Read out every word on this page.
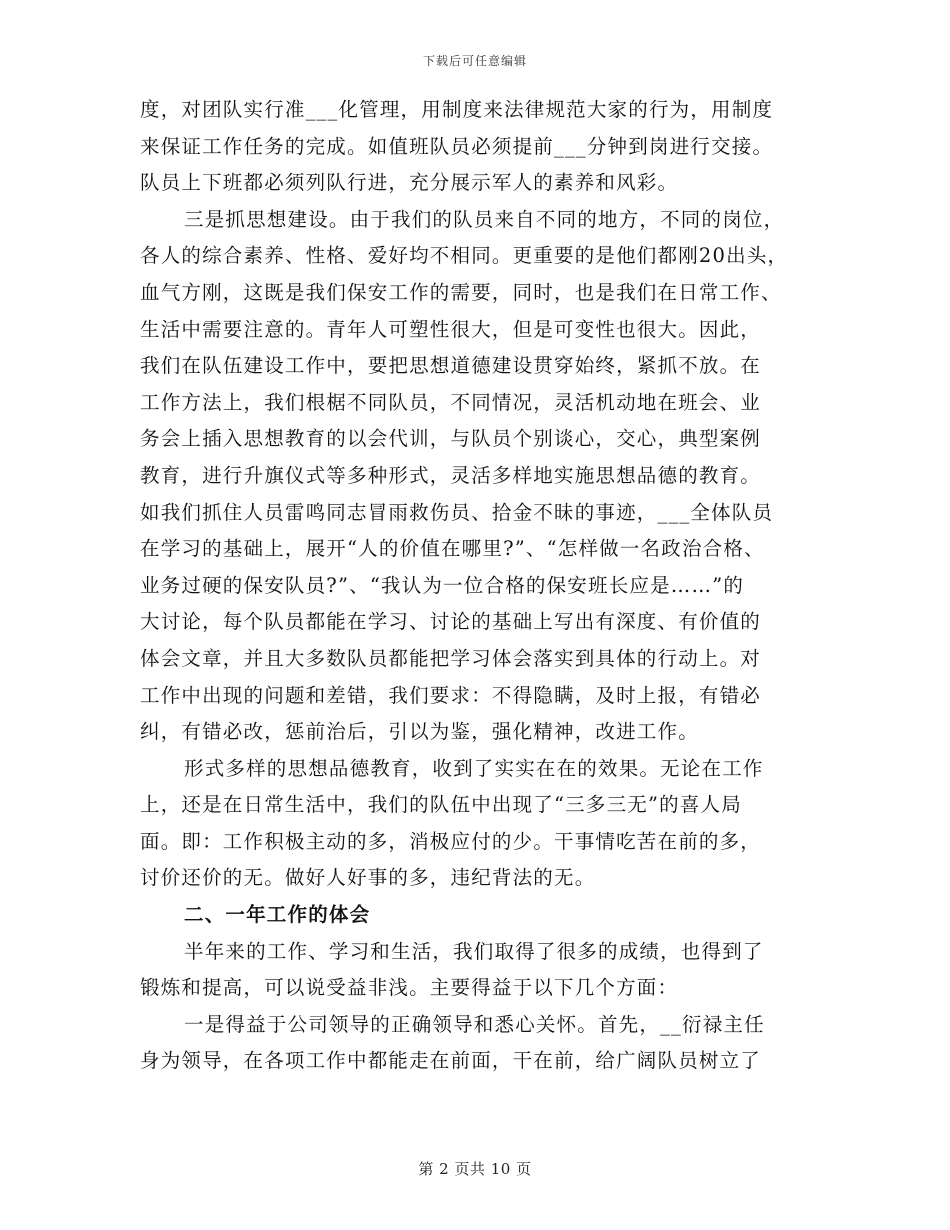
下载后可任意编辑
度，对团队实行准___化管理，用制度来法律规范大家的行为，用制度
来保证工作任务的完成。如值班队员必须提前___分钟到岗进行交接。
队员上下班都必须列队行进，充分展示军人的素养和风彩。
三是抓思想建设。由于我们的队员来自不同的地方，不同的岗位，
各人的综合素养、性格、爱好均不相同。更重要的是他们都刚20出头，
血气方刚，这既是我们保安工作的需要，同时，也是我们在日常工作、
生活中需要注意的。青年人可塑性很大，但是可变性也很大。因此，
我们在队伍建设工作中，要把思想道德建设贯穿始终，紧抓不放。在
工作方法上，我们根椐不同队员，不同情况，灵活机动地在班会、业
务会上插入思想教育的以会代训，与队员个别谈心，交心，典型案例
教育，进行升旗仪式等多种形式，灵活多样地实施思想品德的教育。
如我们抓住人员雷鸣同志冒雨救伤员、拾金不昧的事迹，___全体队员
在学习的基础上，展开“人的价值在哪里?”、“怎样做一名政治合格、
业务过硬的保安队员?”、“我认为一位合格的保安班长应是……”的
大讨论，每个队员都能在学习、讨论的基础上写出有深度、有价值的
体会文章，并且大多数队员都能把学习体会落实到具体的行动上。对
工作中出现的问题和差错，我们要求：不得隐瞒，及时上报，有错必
纠，有错必改，惩前治后，引以为鉴，强化精神，改进工作。
形式多样的思想品德教育，收到了实实在在的效果。无论在工作
上，还是在日常生活中，我们的队伍中出现了“三多三无”的喜人局
面。即：工作积极主动的多，消极应付的少。干事情吃苦在前的多，
讨价还价的无。做好人好事的多，违纪背法的无。
二、一年工作的体会
半年来的工作、学习和生活，我们取得了很多的成绩，也得到了
锻炼和提高，可以说受益非浅。主要得益于以下几个方面：
一是得益于公司领导的正确领导和悉心关怀。首先，__衍禄主任
身为领导，在各项工作中都能走在前面，干在前，给广阔队员树立了
第 2 页共 10 页
